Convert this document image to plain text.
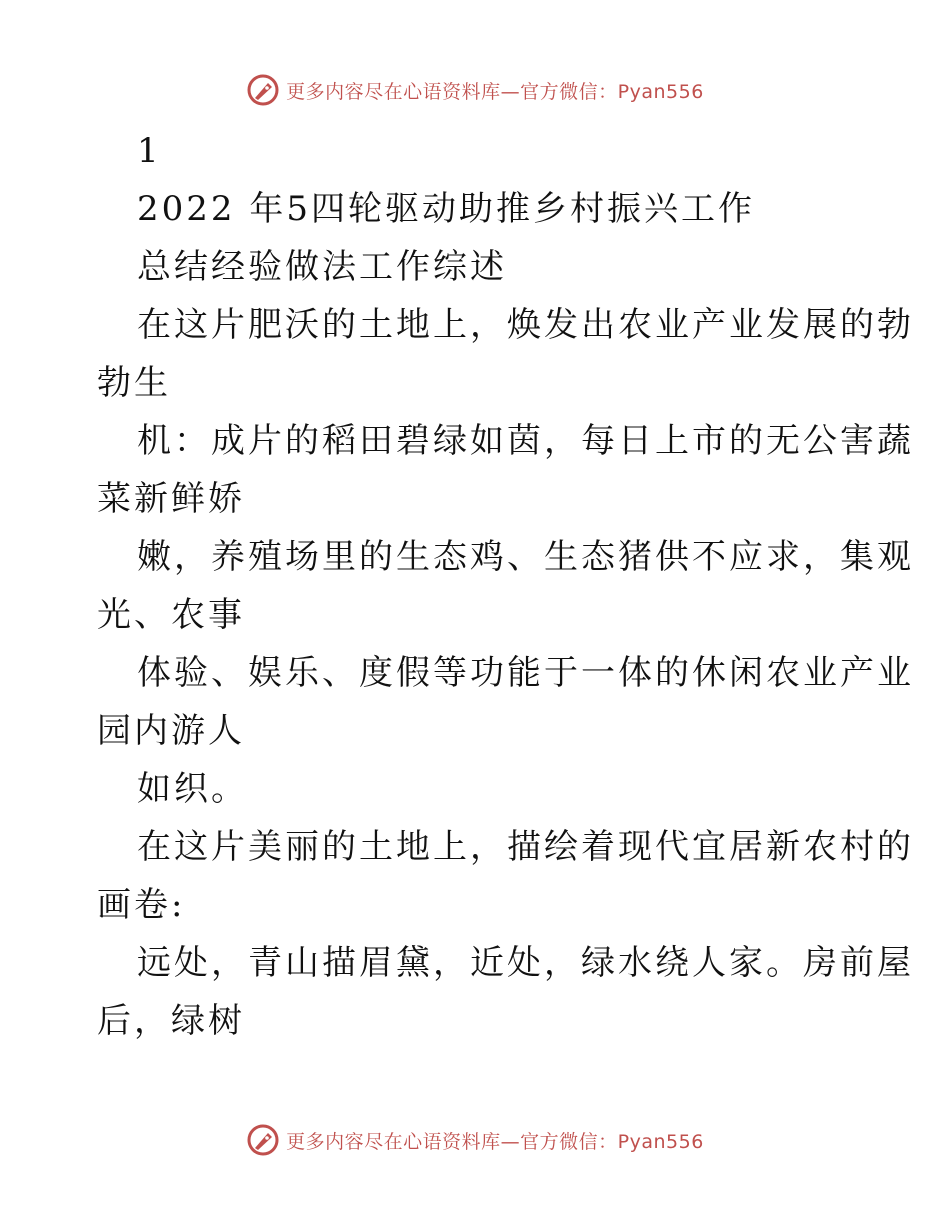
更多内容尽在心语资料库—官方微信：Pyan556
1
2022 年5四轮驱动助推乡村振兴工作
总结经验做法工作综述
在这片肥沃的土地上，焕发出农业产业发展的勃
勃生
机：成片的稻田碧绿如茵，每日上市的无公害蔬
菜新鲜娇
嫩，养殖场里的生态鸡、生态猪供不应求，集观
光、农事
体验、娱乐、度假等功能于一体的休闲农业产业
园内游人
如织。
在这片美丽的土地上，描绘着现代宜居新农村的
画卷:
远处，青山描眉黛，近处，绿水绕人家。房前屋
后，绿树
更多内容尽在心语资料库—官方微信：Pyan556
